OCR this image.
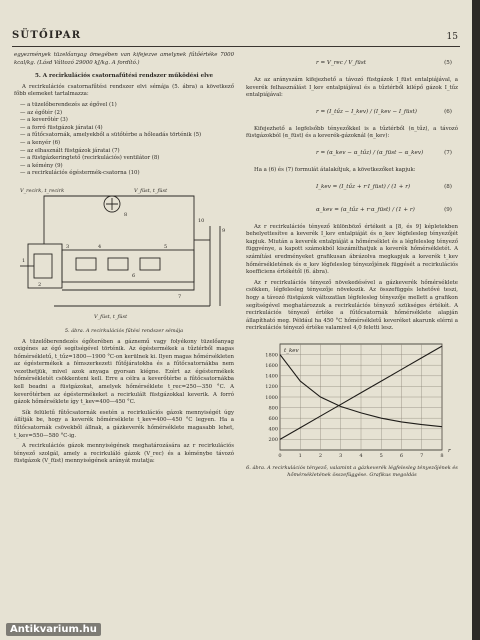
SÜTŐIPAR	15

egyezmények tüzelőanyag ömegében van kifejezve amelynek fűtőértéke 7000 kcal/kg. (Lásd Változó 29000 kJ/kg. A fordító.)

5. A recirkulációs csatornafűtési rendszer működési elve

A recirkulációs csatornafűtési rendszer elvi sémája (5. ábra) a következő főbb elemeket tartalmazza:

— a tüzelőberendezés az égővel (1)
— az égőtér (2)
— a keverőtér (3)
— a forró füstgázok járatai (4)
— a fűtőcsatornák, amelyekből a sütőtérbe a hőleadás történik (5)
— a kenyér (6)
— az elhasznált füstgázok járatai (7)
— a füstgázkeringtető (recirkulációs) ventilátor (8)
— a kémény (9)
— a recirkulációs égéstermék-csatorna (10)
V_recirk, t_recirk	V_füst, t_füst
V_füst, t_füst
1
2
3	4	5
6
7
8
9
10

5. ábra. A recirkulációs fűtési rendszer sémája

A tüzelőberendezés égőterében a gáznemű vagy folyékony tüzelőanyag oxigénes az égő segítségével történik. Az égéstermékek a tűztérből magas hőmérsékletű, t_tűz=1800—1900 °C-on kerülnek ki. Ilyen magas hőmérsékleten az égéstermékek a fémszerkezeti fűtőjáratokba és a fűtőcsatornákba nem vezethetjük, mivel azok anyaga gyorsan kiégne. Ezért az égéstermékek hőmérsékletét csökkenteni kell. Erre a célra a keverőtérbe a fűtőcsatornákba kell beadni a füstgázokat, amelyek hőmérséklete t_rec=250—350 °C. A keverőtérben az égéstermékeket a recirkulált füstgázokkal keverik. A forró gázok hőmérséklete így t_kev=400—450 °C.

Sík felületű fűtőcsatornák esetén a recirkulációs gázok mennyiségét úgy állítják be, hogy a keverék hőmérséklete t_kev=400—450 °C legyen. Ha a fűtőcsatornák csövekből állnak, a gázkeverék hőmérséklete magasabb lehet, t_kev=550—580 °C-ig.

A recirkulációs gázok mennyiségének meghatározására az r recirkulációs tényező szolgál, amely a recirkuláló gázok (V_rec) és a kéménybe távozó füstgázok (V_füst) mennyiségének arányát mutatja:

r = V_rec / V_füst	(5)

Az az arányszám kifejezhető a távozó füstgázok I_füst entalpiájával, a keverék felhasználást I_kev entalpiájával és a tűztérből kilépő gázok I_tűz entalpiájával:

r = (I_tűz − I_kev) / (I_kev − I_füst)	(6)

Kifejezhető a legfelsőbb tényezőkkel is a tűztérből (α_tűz), a távozó füstgázokból (α_füst) és a keverék-gázoknál (α_kev):

r = (α_kev − α_tűz) / (α_füst − α_kev)	(7)

Ha a (6) és (7) formulát átalakítjuk, a következőket kapjuk:

I_kev = (I_tűz + r·I_füst) / (1 + r)	(8)
α_kev = (α_tűz + r·α_füst) / (1 + r)	(9)

Az r recirkulációs tényező különböző értékeit a [8, és 9] képletekben behelyettesítve a keverék I_kev entalpiáját és α_kev légfelesleg tényezőjét kapjuk. Miután a keverék entalpiáját a hőmérséklet és a légfelesleg tényező függvénye, a kapott számokból kiszámíthatjuk a keverék hőmérsékletét. A számítási eredményeket grafikusan ábrázolva megkapjuk a keverék t_kev hőmérsékletének és α_kev légfelesleg tényezőjének függését a recirkulációs koefficiens értékétől (6. ábra).

Az r recirkulációs tényező növekedésével a gázkeverék hőmérséklete csökken, légfelesleg tényezője növekszik. Az összefüggés lehetővé teszi, hogy a távozó füstgázok változatlan légfelesleg tényezője mellett a grafikon segítségével meghatározzuk a recirkulációs tényező szükséges értékét. A recirkulációs tényező értéke a fűtőcsatornák hőmérséklete alapján állapítható meg. Például ha 450 °C hőmérsékletű keveréket akarunk elérni a recirkulációs tényező értéke valamivel 4,0 feletti lesz.

0	1	2	3	4	5	6	7	8
1800
1600
1400
1200
1000
800
600
400
200
t_kev
r

6. ábra. A recirkulációs tényező, valamint a gázkeverék légfelesleg tényezőjének és hőmérsékletének összefüggése. Grafikus megoldás

Antikvarium.hu
